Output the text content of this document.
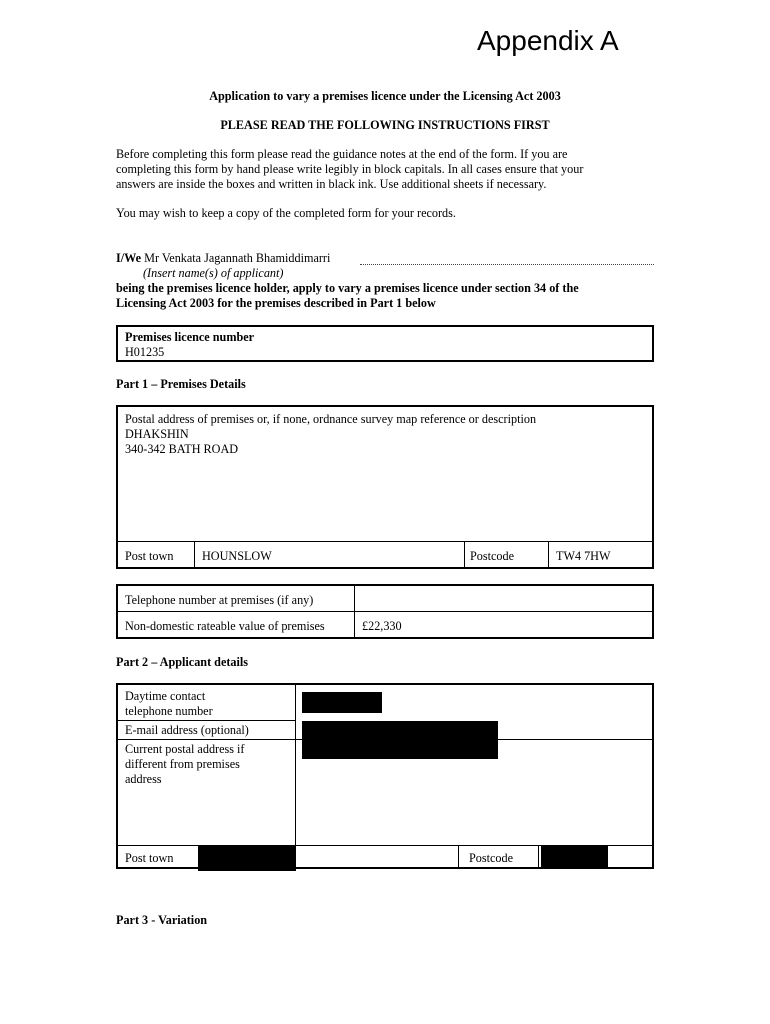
Appendix A
Application to vary a premises licence under the Licensing Act 2003
PLEASE READ THE FOLLOWING INSTRUCTIONS FIRST
Before completing this form please read the guidance notes at the end of the form. If you are
completing this form by hand please write legibly in block capitals. In all cases ensure that your
answers are inside the boxes and written in black ink. Use additional sheets if necessary.
You may wish to keep a copy of the completed form for your records.
I/We Mr Venkata Jagannath Bhamiddimarri
(Insert name(s) of applicant)
being the premises licence holder, apply to vary a premises licence under section 34 of the
Licensing Act 2003 for the premises described in Part 1 below
Premises licence number
H01235
Part 1 – Premises Details
Postal address of premises or, if none, ordnance survey map reference or description
DHAKSHIN
340-342 BATH ROAD
Post town HOUNSLOW	Postcode	TW4 7HW
Telephone number at premises (if any)
Non-domestic rateable value of premises	£22,330
Part 2 – Applicant details
Daytime contact
telephone number
E-mail address (optional)
Current postal address if
different from premises
address
Post town	Postcode
Part 3 - Variation
